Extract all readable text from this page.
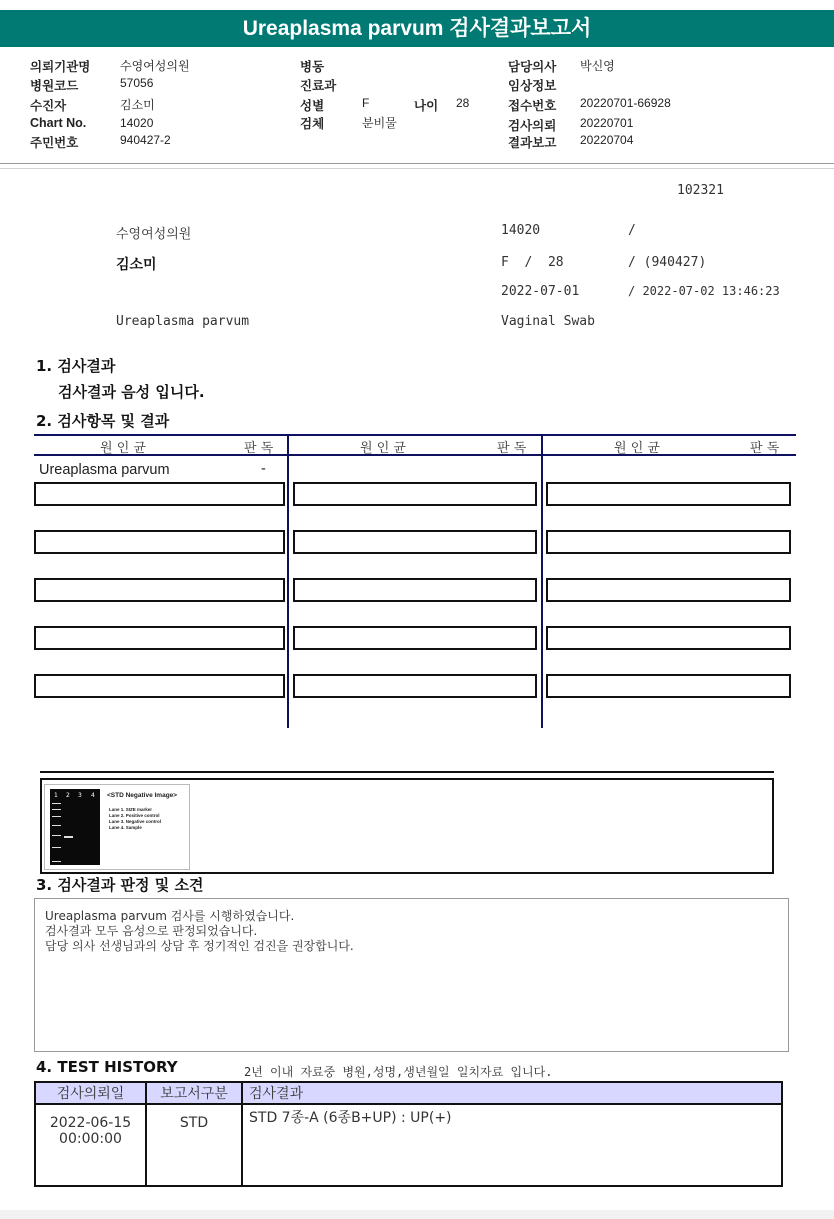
Ureaplasma parvum 검사결과보고서
의뢰기관명 수영여성의원
병원코드	57056
수진자	김소미
Chart No.	14020
주민번호	940427-2
병동
진료과
성별	F	나이 28
검체	분비물
담당의사 박신영
임상정보
접수번호 20220701-66928
검사의뢰 20220701
결과보고 20220704
102321
수영여성의원	14020	/
김소미	F  /  28	/ (940427)
2022-07-01	/ 2022-07-02 13:46:23
Ureaplasma parvum	Vaginal Swab
1. 검사결과
검사결과 음성 입니다.
2. 검사항목 및 결과
원 인 균	판 독	원 인 균	판 독	원 인 균	판 독
Ureaplasma parvum	-
1 2 3 4 <STD Negative Image>
Lane 1. SIZE marker
Lane 2. Positive control
Lane 3. Negative control
Lane 4. Sample
3. 검사결과 판정 및 소견
Ureaplasma parvum 검사를 시행하였습니다.
검사결과 모두 음성으로 판정되었습니다.
담당 의사 선생님과의 상담 후 정기적인 검진을 권장합니다.
4. TEST HISTORY	2년 이내 자료중 병원,성명,생년월일 일치자료 입니다.
검사의뢰일	보고서구분	검사결과

2022-06-15
00:00:00	STD	STD 7종-A (6종B+UP) : UP(+)
